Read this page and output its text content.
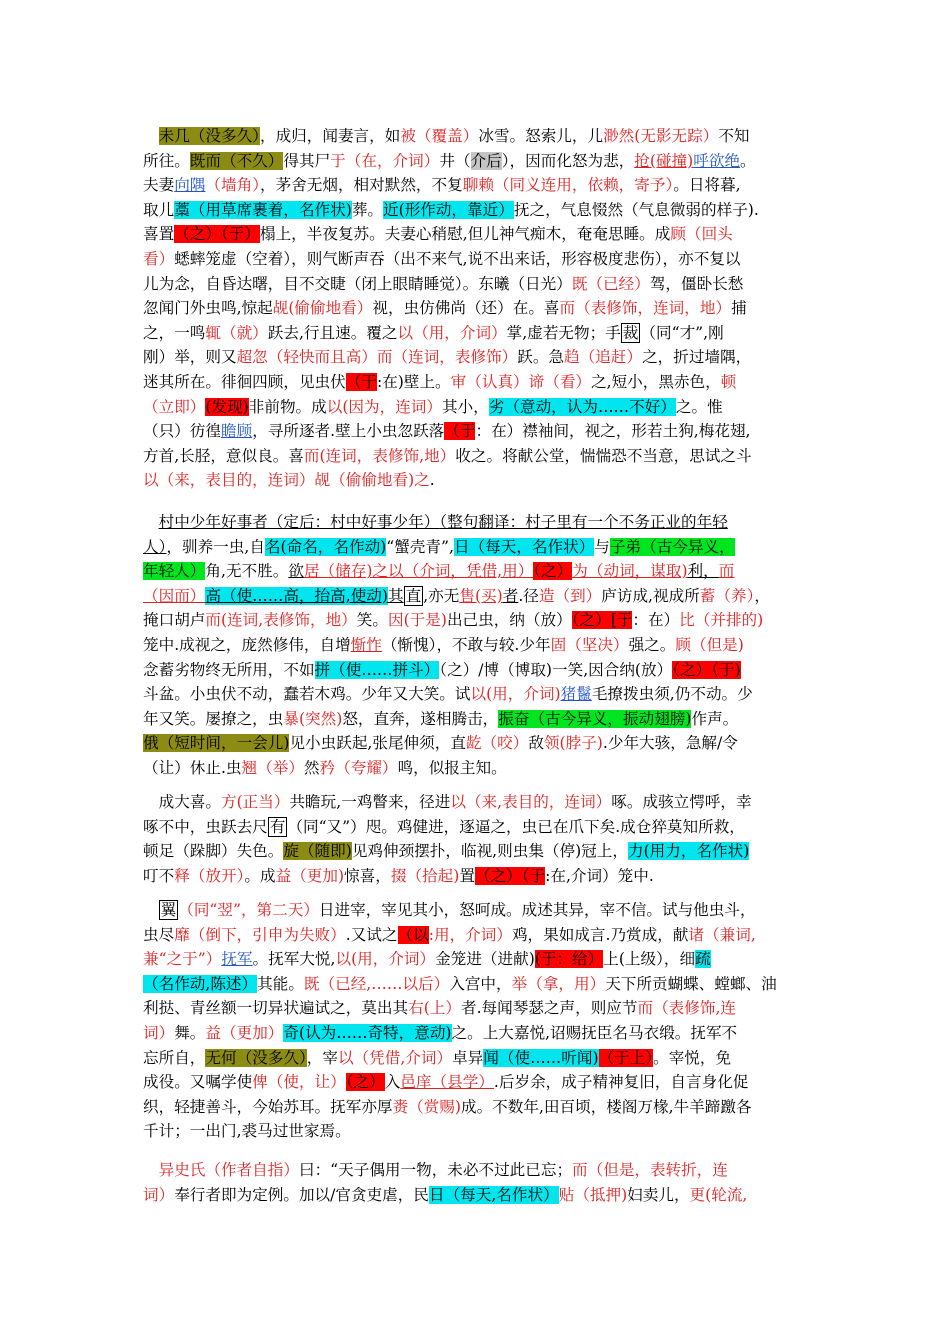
　未几（没多久），成归，闻妻言，如被（覆盖）冰雪。怒索儿，儿渺然(无影无踪）不知
所往。既而（不久）得其尸于（在，介词）井（介后），因而化怒为悲，抢(碰撞)呼欲绝。
夫妻向隅（墙角），茅舍无烟，相对默然，不复聊赖（同义连用，依赖，寄予）。日将暮,
取儿藁（用草席裹着，名作状)葬。近(形作动，靠近）抚之，气息惙然（气息微弱的样子).
喜置（之）（于）榻上，半夜复苏。夫妻心稍慰,但儿神气痴木，奄奄思睡。成顾（回头
看）蟋蟀笼虚（空着），则气断声吞（出不来气,说不出来话，形容极度悲伤），亦不复以
儿为念，自昏达曙，目不交睫（闭上眼睛睡觉）。东曦（日光）既（已经）驾，僵卧长愁
忽闻门外虫鸣,惊起觇(偷偷地看）视，虫仿佛尚（还）在。喜而（表修饰，连词，地）捕
之，一鸣辄（就）跃去,行且速。覆之以（用，介词）掌,虚若无物；手 裁 （同“才”,刚
刚）举，则又超忽（轻快而且高）而（连词，表修饰）跃。急趋（追赶）之，折过墙隅，
迷其所在。徘徊四顾，见虫伏（于:在)壁上。审（认真）谛（看）之,短小，黑赤色，顿
（立即）(发现)非前物。成以(因为，连词）其小，劣（意动，认为……不好）之。惟
（只）彷徨瞻顾，寻所逐者.壁上小虫忽跃落（于：在）襟袖间，视之，形若土狗,梅花翅,
方首,长胫，意似良。喜而(连词，表修饰,地）收之。将献公堂，惴惴恐不当意，思试之斗
以（来，表目的，连词）觇（偷偷地看)之.
　村中少年好事者（定后：村中好事少年）（整句翻译：村子里有一个不务正业的年轻
人），驯养一虫,自名(命名，名作动)“蟹壳青”,日（每天，名作状）与子弟（古今异义，
年轻人）角,无不胜。欲居（储存)之以（介词，凭借,用）（之）为（动词，谋取)利，而
（因而）高（使……高，抬高,使动)其 直 ,亦无售(买)者.径造（到）庐访成,视成所蓄（养），
掩口胡卢而(连词,表修饰，地）笑。因(于是)出己虫，纳（放）（之）[于：在）比（并排的)
笼中.成视之，庞然修伟，自增惭怍（惭愧），不敢与较.少年固（坚决）强之。顾（但是)
念蓄劣物终无所用，不如拼（使……拼斗）（之）/博（博取)一笑,因合纳(放）（之）（于)
斗盆。小虫伏不动，蠢若木鸡。少年又大笑。试以(用，介词)猪鬣毛撩拨虫须,仍不动。少
年又笑。屡撩之，虫暴(突然)怒，直奔，遂相腾击，振奋（古今异义，振动翅膀)作声。
俄（短时间，一会儿)见小虫跃起,张尾伸须，直龁（咬）敌领(脖子).少年大骇，急解/令
（让）休止.虫翘（举）然矜（夸耀）鸣，似报主知。
　成大喜。方(正当）共瞻玩,一鸡瞥来，径进以（来,表目的，连词）啄。成骇立愕呼，幸
啄不中，虫跃去尺 有 （同“又”）咫。鸡健进，逐逼之，虫已在爪下矣.成仓猝莫知所救，
顿足（跺脚）失色。旋（随即)见鸡伸颈摆扑，临视,则虫集（停)冠上，力(用力，名作状)
叮不释（放开）。成益（更加)惊喜，掇（拾起)置（之）（于:在,介词）笼中.
　翼 （同“翌”，第二天）日进宰，宰见其小，怒呵成。成述其异，宰不信。试与他虫斗，
虫尽靡（倒下，引申为失败）.又试之（以:用，介词）鸡，果如成言.乃赏成，献诸（兼词,
兼“之于”）抚军。抚军大悦,以(用，介词）金笼进（进献)(于：给）上(上级），细疏
（名作动,陈述）其能。既（已经,……以后）入宫中，举（拿，用）天下所贡蝴蝶、螳螂、油
利挞、青丝额一切异状遍试之，莫出其右(上）者.每闻琴瑟之声，则应节而（表修饰,连
词）舞。益（更加）奇(认为……奇特，意动)之。上大嘉悦,诏赐抚臣名马衣缎。抚军不
忘所自，无何（没多久），宰以（凭借,介词）卓异闻（使……听闻)（于上）。宰悦，免
成役。又嘱学使俾（使，让）（之）入邑庠（县学）.后岁余，成子精神复旧，自言身化促
织，轻捷善斗，今始苏耳。抚军亦厚赉（赏赐)成。不数年,田百顷，楼阁万椽,牛羊蹄躈各
千计；一出门,裘马过世家焉。
　异史氏（作者自指）曰：“天子偶用一物，未必不过此已忘；而（但是，表转折，连
词）奉行者即为定例。加以/官贪吏虐，民日（每天,名作状）贴（抵押)妇卖儿，更(轮流,
